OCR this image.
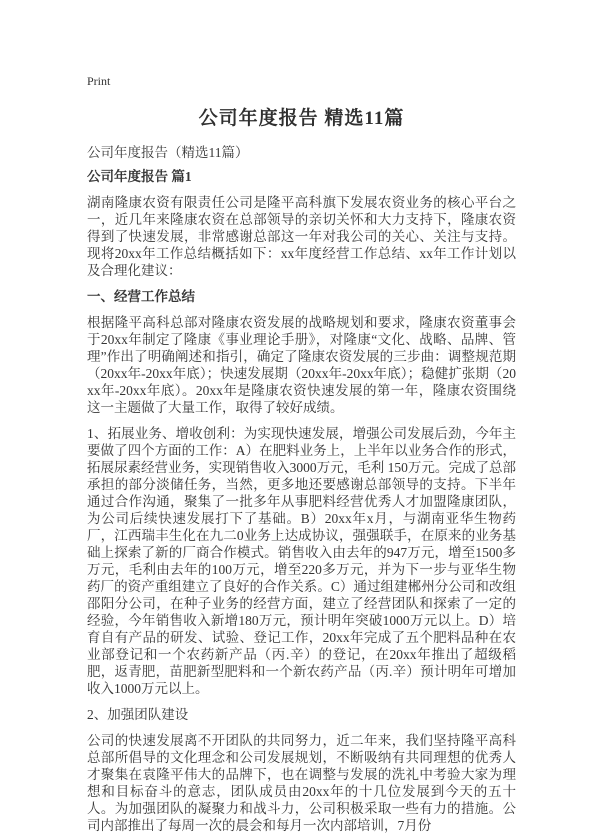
Print
公司年度报告 精选11篇

公司年度报告（精选11篇）

公司年度报告 篇1

湖南隆康农资有限责任公司是隆平高科旗下发展农资业务的核心平台之一，近几年来隆康农资在总部领导的亲切关怀和大力支持下，隆康农资得到了快速发展，非常感谢总部这一年对我公司的关心、关注与支持。现将20xx年工作总结概括如下：xx年度经营工作总结、xx年工作计划以及合理化建议：

一、经营工作总结

根据隆平高科总部对隆康农资发展的战略规划和要求，隆康农资董事会于20xx年制定了隆康《事业理论手册》，对隆康“文化、战略、品牌、管理”作出了明确阐述和指引，确定了隆康农资发展的三步曲：调整规范期（20xx年-20xx年底）；快速发展期（20xx年-20xx年底）；稳健扩张期（20xx年-20xx年底）。20xx年是隆康农资快速发展的第一年，隆康农资围绕这一主题做了大量工作，取得了较好成绩。

1、拓展业务、增收创利：为实现快速发展，增强公司发展后劲，今年主要做了四个方面的工作：A）在肥料业务上，上半年以业务合作的形式，拓展尿素经营业务，实现销售收入3000万元，毛利 150万元。完成了总部承担的部分淡储任务，当然，更多地还要感谢总部领导的支持。下半年通过合作沟通，聚集了一批多年从事肥料经营优秀人才加盟隆康团队，为公司后续快速发展打下了基础。B）20xx年x月，与湖南亚华生物药厂，江西瑞丰生化在九二0业务上达成协议，强强联手，在原来的业务基础上探索了新的厂商合作模式。销售收入由去年的947万元，增至1500多万元，毛利由去年的100万元，增至220多万元，并为下一步与亚华生物药厂的资产重组建立了良好的合作关系。C）通过组建郴州分公司和改组邵阳分公司，在种子业务的经营方面，建立了经营团队和探索了一定的经验，今年销售收入新增180万元，预计明年突破1000万元以上。D）培育自有产品的研发、试验、登记工作，20xx年完成了五个肥料品种在农业部登记和一个农药新产品（丙.辛）的登记，在20xx年推出了超级稻肥，返青肥，苗肥新型肥料和一个新农药产品（丙.辛）预计明年可增加收入1000万元以上。

2、加强团队建设

公司的快速发展离不开团队的共同努力，近二年来，我们坚持隆平高科总部所倡导的文化理念和公司发展规划，不断吸纳有共同理想的优秀人才聚集在袁隆平伟大的品牌下，也在调整与发展的洗礼中考验大家为理想和目标奋斗的意志，团队成员由20xx年的十几位发展到今天的五十人。为加强团队的凝聚力和战斗力，公司积极采取一些有力的措施。公司内部推出了每周一次的晨会和每月一次内部培训，7月份
